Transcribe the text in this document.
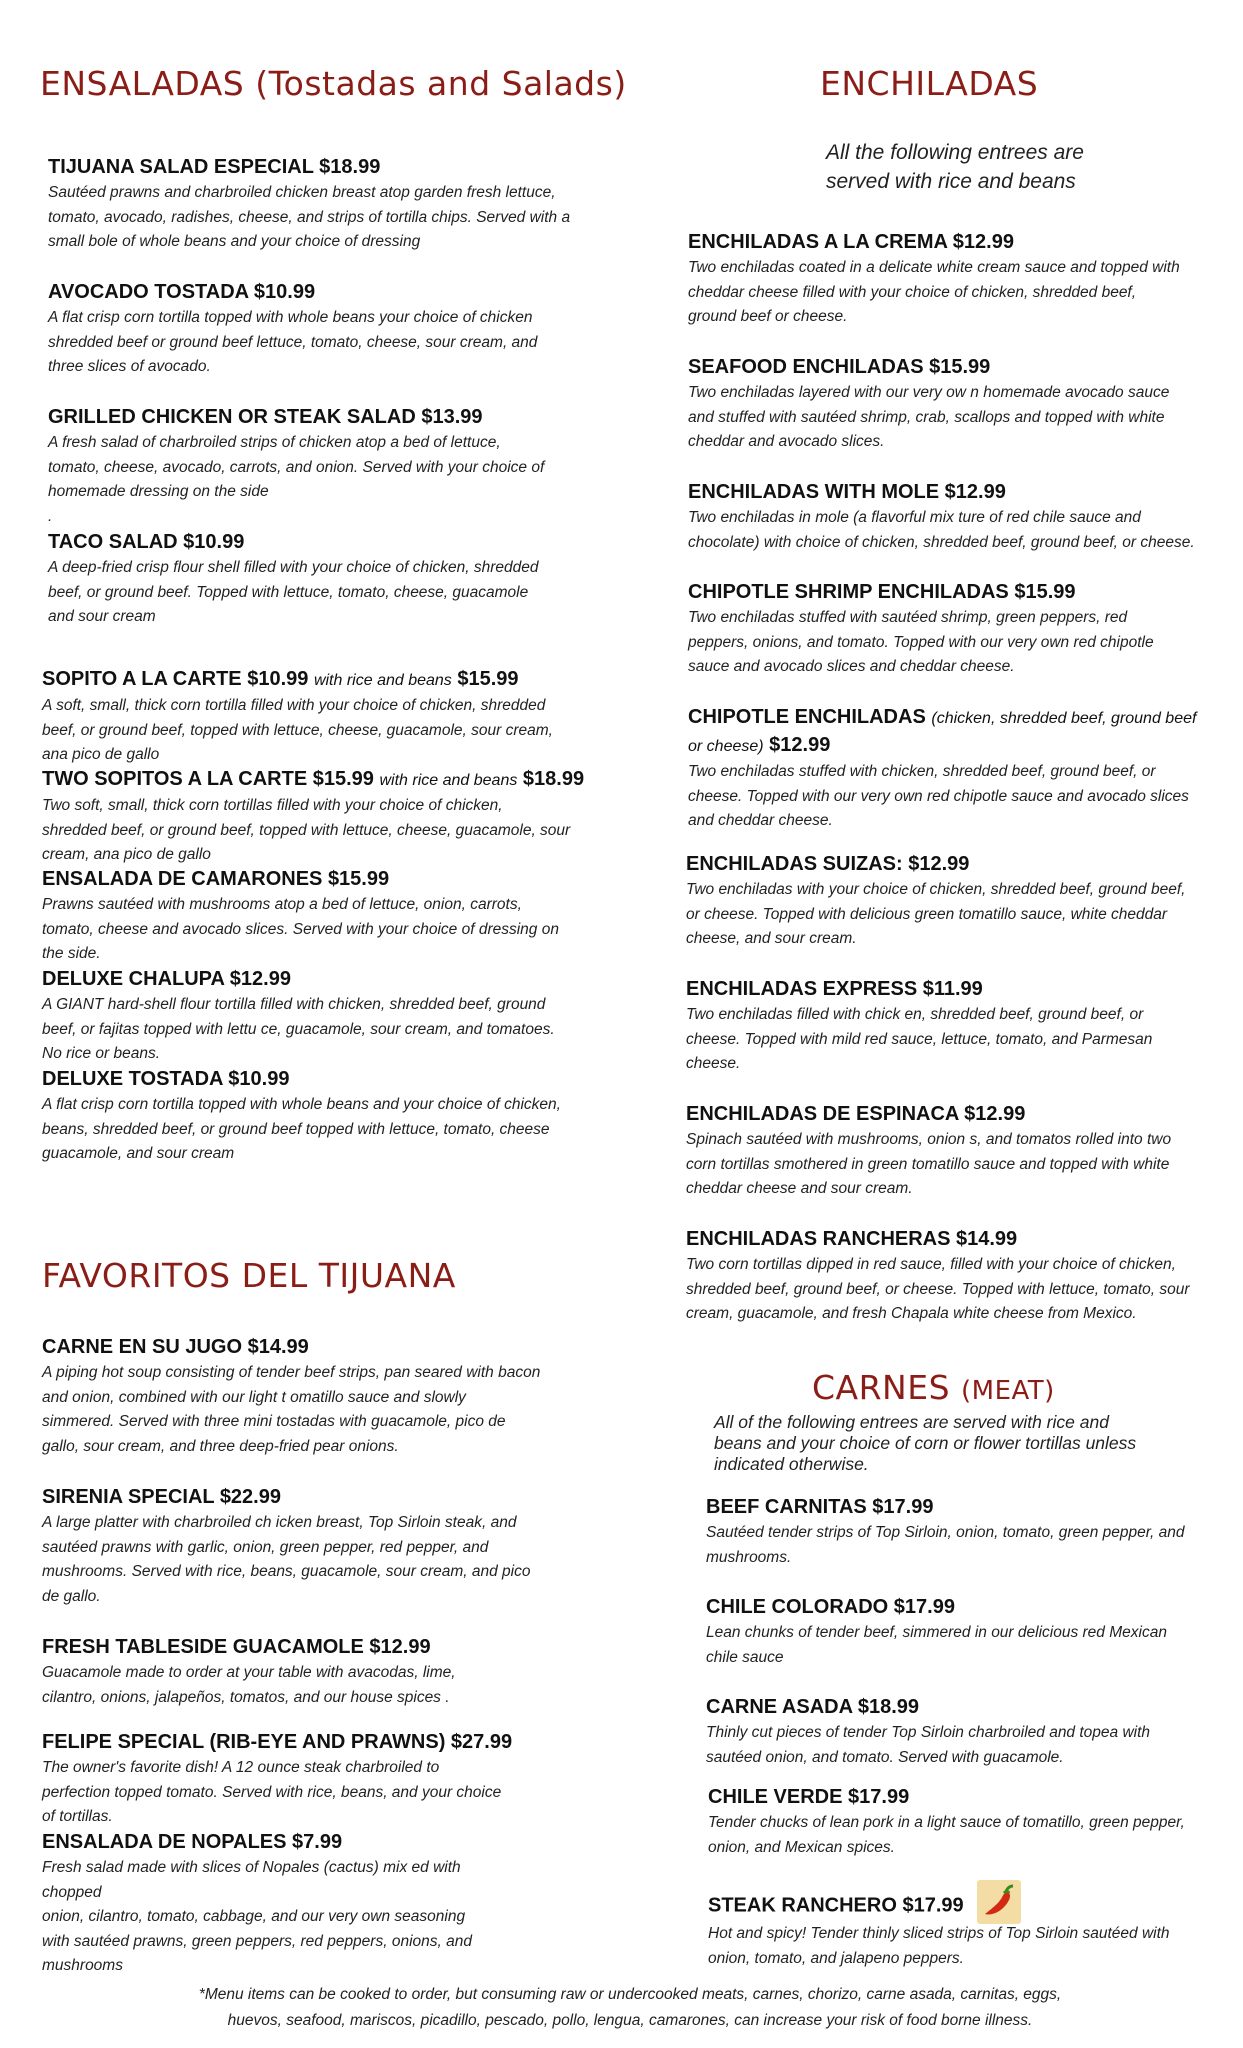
ENSALADAS (Tostadas and Salads)
TIJUANA SALAD ESPECIAL $18.99
Sautéed prawns and charbroiled chicken breast atop garden fresh lettuce,
tomato, avocado, radishes, cheese, and strips of tortilla chips. Served with a
small bole of whole beans and your choice of dressing
AVOCADO TOSTADA $10.99
A flat crisp corn tortilla topped with whole beans your choice of chicken
shredded beef or ground beef lettuce, tomato, cheese, sour cream, and
three slices of avocado.
GRILLED CHICKEN OR STEAK SALAD $13.99
A fresh salad of charbroiled strips of chicken atop a bed of lettuce,
tomato, cheese, avocado, carrots, and onion. Served with your choice of
homemade dressing on the side
.
TACO SALAD $10.99
A deep-fried crisp flour shell filled with your choice of chicken, shredded
beef, or ground beef. Topped with lettuce, tomato, cheese, guacamole
and sour cream
SOPITO A LA CARTE $10.99 with rice and beans $15.99
A soft, small, thick corn tortilla filled with your choice of chicken, shredded
beef, or ground beef, topped with lettuce, cheese, guacamole, sour cream,
ana pico de gallo
TWO SOPITOS A LA CARTE $15.99 with rice and beans $18.99
Two soft, small, thick corn tortillas filled with your choice of chicken,
shredded beef, or ground beef, topped with lettuce, cheese, guacamole, sour
cream, ana pico de gallo
ENSALADA DE CAMARONES $15.99
Prawns sautéed with mushrooms atop a bed of lettuce, onion, carrots,
tomato, cheese and avocado slices. Served with your choice of dressing on
the side.
DELUXE CHALUPA $12.99
A GIANT hard-shell flour tortilla filled with chicken, shredded beef, ground
beef, or fajitas topped with lettu ce, guacamole, sour cream, and tomatoes.
No rice or beans.
DELUXE TOSTADA $10.99
A flat crisp corn tortilla topped with whole beans and your choice of chicken,
beans, shredded beef, or ground beef topped with lettuce, tomato, cheese
guacamole, and sour cream
FAVORITOS DEL TIJUANA
CARNE EN SU JUGO $14.99
A piping hot soup consisting of tender beef strips, pan seared with bacon
and onion, combined with our light t omatillo sauce and slowly
simmered. Served with three mini tostadas with guacamole, pico de
gallo, sour cream, and three deep-fried pear onions.
SIRENIA SPECIAL $22.99
A large platter with charbroiled ch icken breast, Top Sirloin steak, and
sautéed prawns with garlic, onion, green pepper, red pepper, and
mushrooms. Served with rice, beans, guacamole, sour cream, and pico
de gallo.
FRESH TABLESIDE GUACAMOLE $12.99
Guacamole made to order at your table with avacodas, lime,
cilantro, onions, jalapeños, tomatos, and our house spices .
FELIPE SPECIAL (RIB-EYE AND PRAWNS) $27.99
The owner's favorite dish! A 12 ounce steak charbroiled to
perfection topped tomato. Served with rice, beans, and your choice
of tortillas.
ENSALADA DE NOPALES $7.99
Fresh salad made with slices of Nopales (cactus) mix ed with
chopped
onion, cilantro, tomato, cabbage, and our very own seasoning
with sautéed prawns, green peppers, red peppers, onions, and
mushrooms
ENCHILADAS
All the following entrees are
served with rice and beans
ENCHILADAS A LA CREMA $12.99
Two enchiladas coated in a delicate white cream sauce and topped with
cheddar cheese filled with your choice of chicken, shredded beef,
ground beef or cheese.
SEAFOOD ENCHILADAS $15.99
Two enchiladas layered with our very ow n homemade avocado sauce
and stuffed with sautéed shrimp, crab, scallops and topped with white
cheddar and avocado slices.
ENCHILADAS WITH MOLE $12.99
Two enchiladas in mole (a flavorful mix ture of red chile sauce and
chocolate) with choice of chicken, shredded beef, ground beef, or cheese.
CHIPOTLE SHRIMP ENCHILADAS $15.99
Two enchiladas stuffed with sautéed shrimp, green peppers, red
peppers, onions, and tomato. Topped with our very own red chipotle
sauce and avocado slices and cheddar cheese.
CHIPOTLE ENCHILADAS (chicken, shredded beef, ground beef or cheese) $12.99
Two enchiladas stuffed with chicken, shredded beef, ground beef, or
cheese. Topped with our very own red chipotle sauce and avocado slices
and cheddar cheese.
ENCHILADAS SUIZAS: $12.99
Two enchiladas with your choice of chicken, shredded beef, ground beef,
or cheese. Topped with delicious green tomatillo sauce, white cheddar
cheese, and sour cream.
ENCHILADAS EXPRESS $11.99
Two enchiladas filled with chick en, shredded beef, ground beef, or
cheese. Topped with mild red sauce, lettuce, tomato, and Parmesan
cheese.
ENCHILADAS DE ESPINACA $12.99
Spinach sautéed with mushrooms, onion s, and tomatos rolled into two
corn tortillas smothered in green tomatillo sauce and topped with white
cheddar cheese and sour cream.
ENCHILADAS RANCHERAS $14.99
Two corn tortillas dipped in red sauce, filled with your choice of chicken,
shredded beef, ground beef, or cheese. Topped with lettuce, tomato, sour
cream, guacamole, and fresh Chapala white cheese from Mexico.
CARNES (MEAT)
All of the following entrees are served with rice and
beans and your choice of corn or flower tortillas unless
indicated otherwise.
BEEF CARNITAS $17.99
Sautéed tender strips of Top Sirloin, onion, tomato, green pepper, and
mushrooms.
CHILE COLORADO $17.99
Lean chunks of tender beef, simmered in our delicious red Mexican
chile sauce
CARNE ASADA $18.99
Thinly cut pieces of tender Top Sirloin charbroiled and topea with
sautéed onion, and tomato. Served with guacamole.
CHILE VERDE $17.99
Tender chucks of lean pork in a light sauce of tomatillo, green pepper,
onion, and Mexican spices.
STEAK RANCHERO $17.99
Hot and spicy! Tender thinly sliced strips of Top Sirloin sautéed with
onion, tomato, and jalapeno peppers.
*Menu items can be cooked to order, but consuming raw or undercooked meats, carnes, chorizo, carne asada, carnitas, eggs,
huevos, seafood, mariscos, picadillo, pescado, pollo, lengua, camarones, can increase your risk of food borne illness.
